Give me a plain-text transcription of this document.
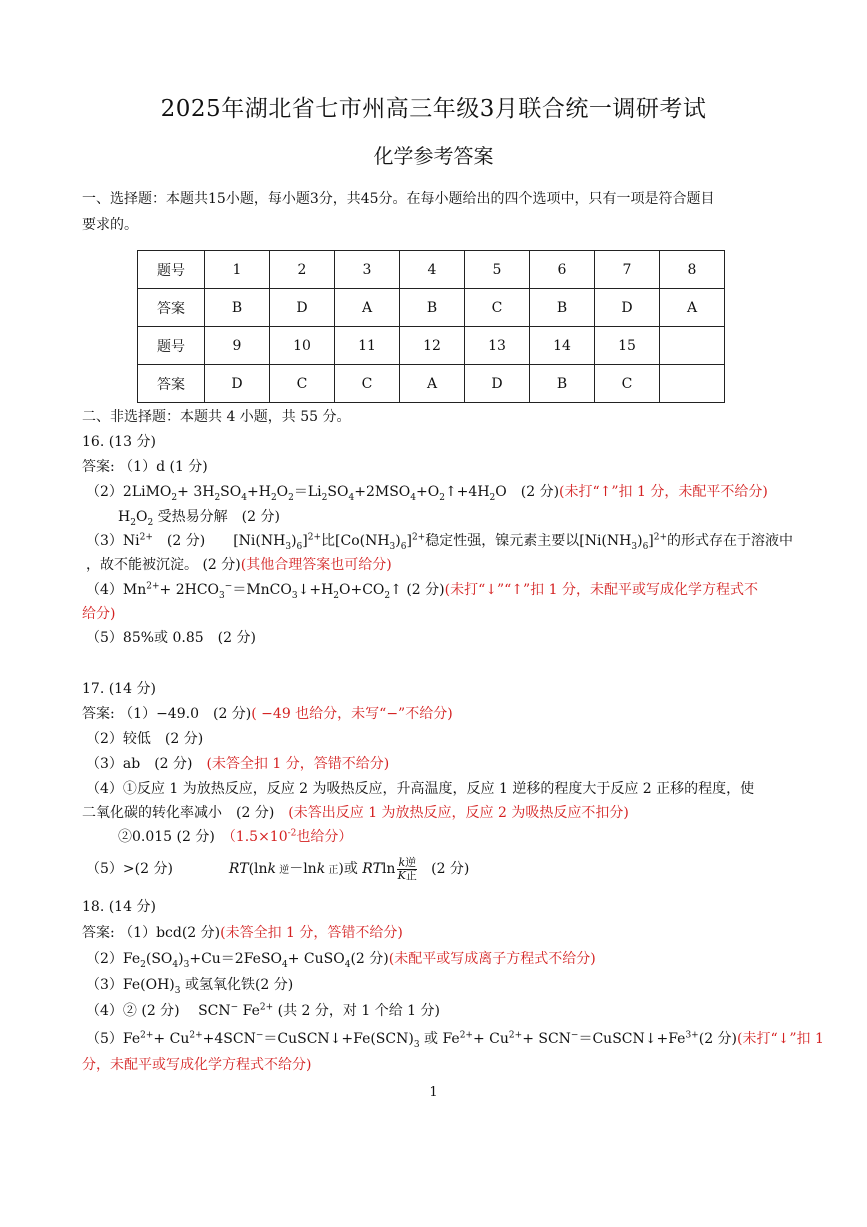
2025年湖北省七市州高三年级3月联合统一调研考试
化学参考答案
一、选择题：本题共15小题，每小题3分，共45分。在每小题给出的四个选项中，只有一项是符合题目
要求的。
题号	1	2	3	4	5	6	7	8
答案	B	D	A	B	C	B	D	A
题号	9	10	11	12	13	14	15	
答案	D	C	C	A	D	B	C	
二、非选择题：本题共 4 小题，共 55 分。
16. (13 分)
答案: （1）d (1 分)
（2）2LiMO$_2$+ $3H_2SO_4+H_2O_2=Li_2SO_4+2MSO_4+O_2↑+4H_2O$　(2 分)(未打“↑”扣 1 分，未配平不给分)
$H_2O_2$ 受热易分解　 (2 分)
$(3)Ni^{2+}$　 (2 分)　　$[Ni(NH_3)_6]^{2+}$比$[Co(NH_3)_6]^{2+}$稳定性强，镍元素主要以$[Ni(NH_3)_6]^{2+}$的形式存在于溶液中
，故不能被沉淀。 (2 分)(其他合理答案也可给分)
$(4)Mn^{2+}+$ $2HCO_3^-=MnCO_3↓+H_2O+CO_2↑$ (2 分)(未打“↓”“↑”扣 1 分，未配平或写成化学方程式不
给分)
（5）85%或 0.85　(2 分)
17. (14 分)
答案: （1）−49.0　(2 分)( −49 也给分，未写“−”不给分)
（2）较低　(2 分)
（3）ab　(2 分)　 (未答全扣 1 分，答错不给分)
（4）①反应 1 为放热反应，反应 2 为吸热反应，升高温度，反应 1 逆移的程度大于反应 2 正移的程度，使
二氧化碳的转化率减小　(2 分)　 (未答出反应 1 为放热反应，反应 2 为吸热反应不扣分)
②0.015 (2 分)　 （$1.5\times 10^{-2}$也给分）
（5）>(2 分)　　　　	RT(lnk 逆－lnk 正)或 RTln $\frac{\text{k逆}}{\text{K正}}$
　 (2 分)
18. (14 分)
答案: （1）bcd(2 分)(未答全扣 1 分，答错不给分)
$(2)Fe_2(SO_4)_3+Cu=2FeSO_4+$ CuSO$_4$(2 分)(未配平或写成离子方程式不给分)
$(3)Fe(OH)_3$ 或氢氧化铁(2 分)
（4）② (2 分)　 SCN− $Fe^{2+}$ (共 2 分，对 1 个给 1 分)
$(5)Fe^{2+}+$ $Cu^{2+}+4SCN^-=CuSCN↓+Fe(SCN)_3$ 或 $Fe^{2+}+ Cu^{2+}+$ $SCN^-=CuSCN↓+Fe^{3+}(2$ 分)(未打“↓”扣 1
分，未配平或写成化学方程式不给分)
1
